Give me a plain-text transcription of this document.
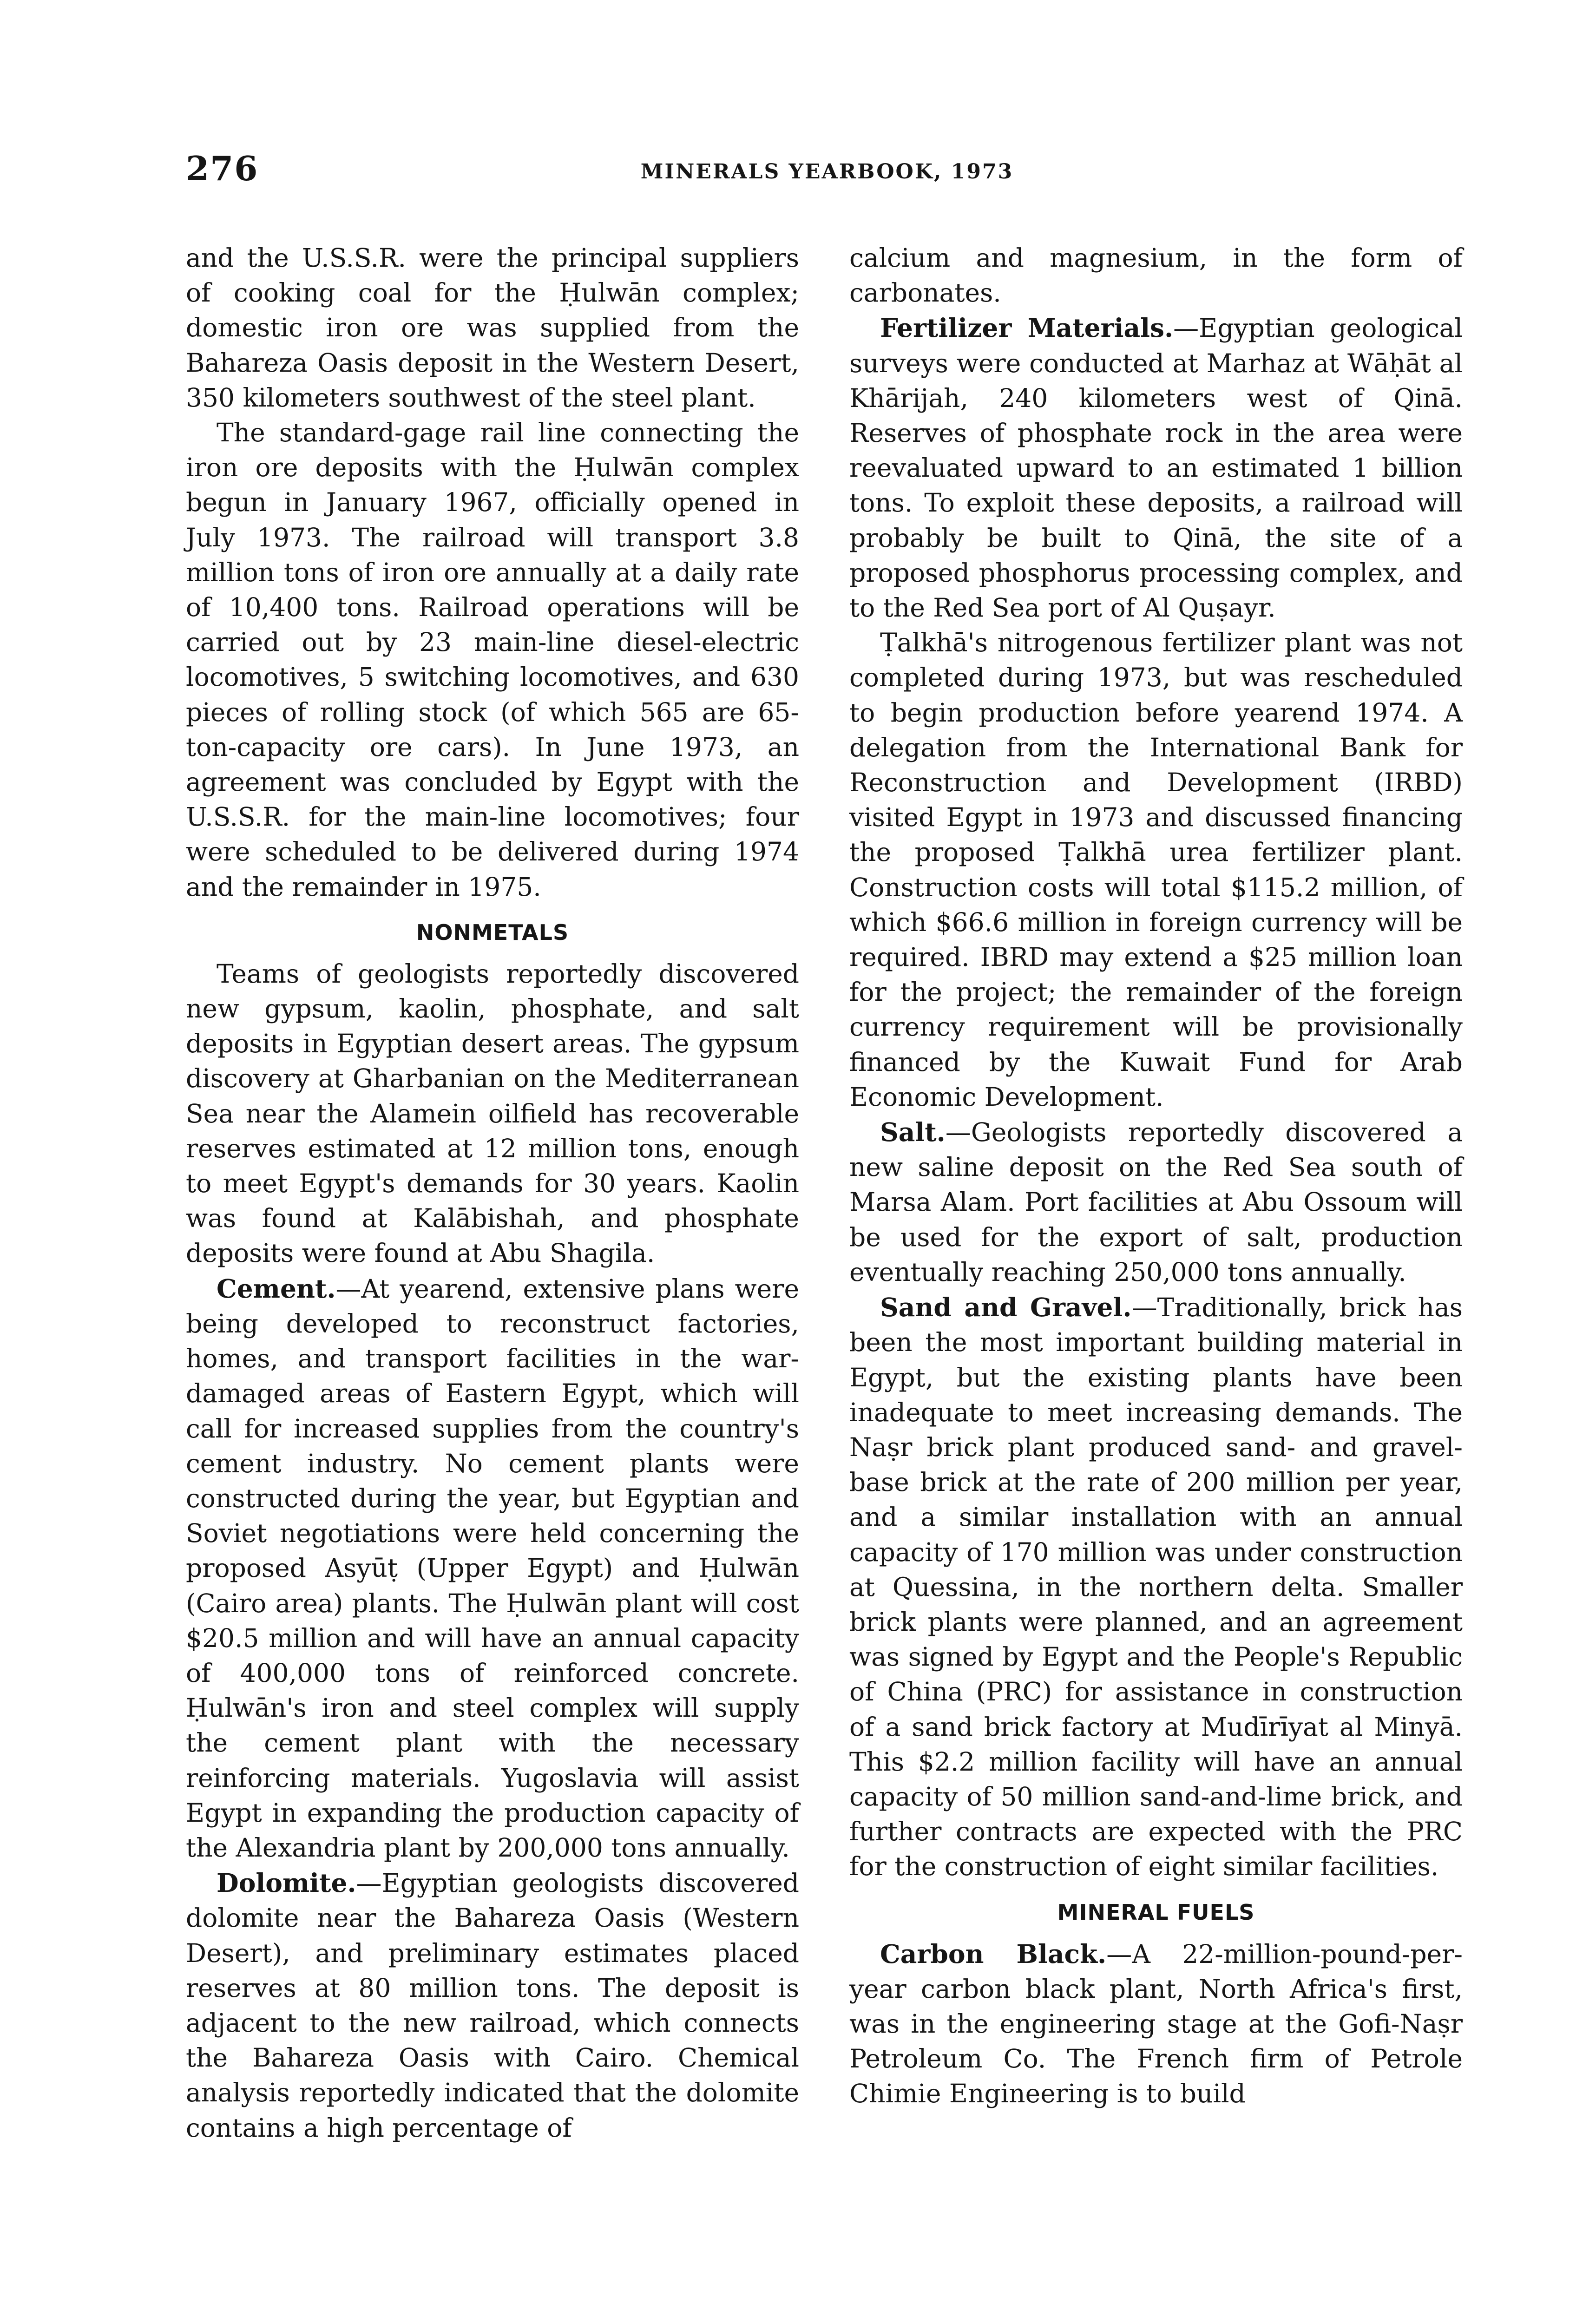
276	MINERALS YEARBOOK, 1973

and the U.S.S.R. were the principal suppliers of cooking coal for the Ḥulwān complex; domestic iron ore was supplied from the Bahareza Oasis deposit in the Western Desert, 350 kilometers southwest of the steel plant.

The standard-gage rail line connecting the iron ore deposits with the Ḥulwān complex begun in January 1967, officially opened in July 1973. The railroad will transport 3.8 million tons of iron ore annually at a daily rate of 10,400 tons. Railroad operations will be carried out by 23 main-line diesel-electric locomotives, 5 switching locomotives, and 630 pieces of rolling stock (of which 565 are 65-ton-capacity ore cars). In June 1973, an agreement was concluded by Egypt with the U.S.S.R. for the main-line locomotives; four were scheduled to be delivered during 1974 and the remainder in 1975.

NONMETALS

Teams of geologists reportedly discovered new gypsum, kaolin, phosphate, and salt deposits in Egyptian desert areas. The gypsum discovery at Gharbanian on the Mediterranean Sea near the Alamein oilfield has recoverable reserves estimated at 12 million tons, enough to meet Egypt's demands for 30 years. Kaolin was found at Kalābishah, and phosphate deposits were found at Abu Shagila.

Cement.—At yearend, extensive plans were being developed to reconstruct factories, homes, and transport facilities in the war-damaged areas of Eastern Egypt, which will call for increased supplies from the country's cement industry. No cement plants were constructed during the year, but Egyptian and Soviet negotiations were held concerning the proposed Asyūṭ (Upper Egypt) and Ḥulwān (Cairo area) plants. The Ḥulwān plant will cost $20.5 million and will have an annual capacity of 400,000 tons of reinforced concrete. Ḥulwān's iron and steel complex will supply the cement plant with the necessary reinforcing materials. Yugoslavia will assist Egypt in expanding the production capacity of the Alexandria plant by 200,000 tons annually.

Dolomite.—Egyptian geologists discovered dolomite near the Bahareza Oasis (Western Desert), and preliminary estimates placed reserves at 80 million tons. The deposit is adjacent to the new railroad, which connects the Bahareza Oasis with Cairo. Chemical analysis reportedly indicated that the dolomite contains a high percentage of

calcium and magnesium, in the form of carbonates.

Fertilizer Materials.—Egyptian geological surveys were conducted at Marhaz at Wāḥāt al Khārijah, 240 kilometers west of Qinā. Reserves of phosphate rock in the area were reevaluated upward to an estimated 1 billion tons. To exploit these deposits, a railroad will probably be built to Qinā, the site of a proposed phosphorus processing complex, and to the Red Sea port of Al Quṣayr.

Ṭalkhā's nitrogenous fertilizer plant was not completed during 1973, but was rescheduled to begin production before yearend 1974. A delegation from the International Bank for Reconstruction and Development (IRBD) visited Egypt in 1973 and discussed financing the proposed Ṭalkhā urea fertilizer plant. Construction costs will total $115.2 million, of which $66.6 million in foreign currency will be required. IBRD may extend a $25 million loan for the project; the remainder of the foreign currency requirement will be provisionally financed by the Kuwait Fund for Arab Economic Development.

Salt.—Geologists reportedly discovered a new saline deposit on the Red Sea south of Marsa Alam. Port facilities at Abu Ossoum will be used for the export of salt, production eventually reaching 250,000 tons annually.

Sand and Gravel.—Traditionally, brick has been the most important building material in Egypt, but the existing plants have been inadequate to meet increasing demands. The Naṣr brick plant produced sand- and gravel-base brick at the rate of 200 million per year, and a similar installation with an annual capacity of 170 million was under construction at Quessina, in the northern delta. Smaller brick plants were planned, and an agreement was signed by Egypt and the People's Republic of China (PRC) for assistance in construction of a sand brick factory at Mudīrīyat al Minyā. This $2.2 million facility will have an annual capacity of 50 million sand-and-lime brick, and further contracts are expected with the PRC for the construction of eight similar facilities.

MINERAL FUELS

Carbon Black.—A 22-million-pound-per-year carbon black plant, North Africa's first, was in the engineering stage at the Gofi-Naṣr Petroleum Co. The French firm of Petrole Chimie Engineering is to build
